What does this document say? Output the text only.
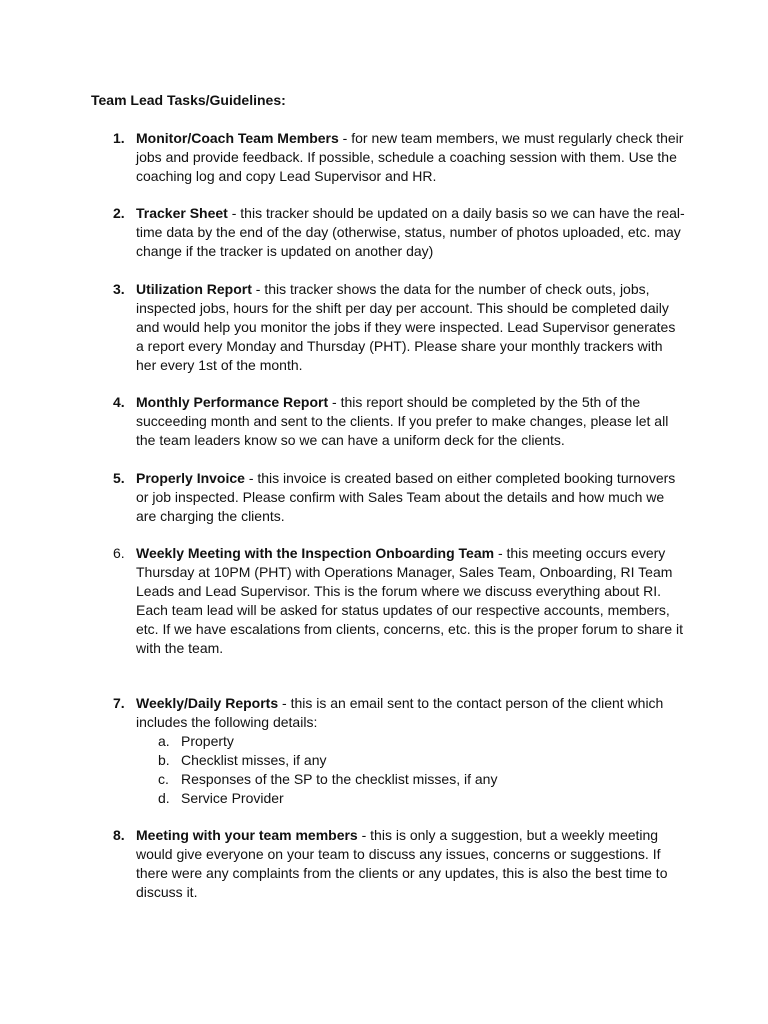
Team Lead Tasks/Guidelines:
1. Monitor/Coach Team Members - for new team members, we must regularly check their
jobs and provide feedback. If possible, schedule a coaching session with them. Use the
coaching log and copy Lead Supervisor and HR.
2. Tracker Sheet - this tracker should be updated on a daily basis so we can have the real-
time data by the end of the day (otherwise, status, number of photos uploaded, etc. may
change if the tracker is updated on another day)
3. Utilization Report - this tracker shows the data for the number of check outs, jobs,
inspected jobs, hours for the shift per day per account. This should be completed daily
and would help you monitor the jobs if they were inspected. Lead Supervisor generates
a report every Monday and Thursday (PHT). Please share your monthly trackers with
her every 1st of the month.
4. Monthly Performance Report - this report should be completed by the 5th of the
succeeding month and sent to the clients. If you prefer to make changes, please let all
the team leaders know so we can have a uniform deck for the clients.
5. Properly Invoice - this invoice is created based on either completed booking turnovers
or job inspected. Please confirm with Sales Team about the details and how much we
are charging the clients.
6. Weekly Meeting with the Inspection Onboarding Team - this meeting occurs every
Thursday at 10PM (PHT) with Operations Manager, Sales Team, Onboarding, RI Team
Leads and Lead Supervisor. This is the forum where we discuss everything about RI.
Each team lead will be asked for status updates of our respective accounts, members,
etc. If we have escalations from clients, concerns, etc. this is the proper forum to share it
with the team.
7. Weekly/Daily Reports - this is an email sent to the contact person of the client which
includes the following details:
a. Property
b. Checklist misses, if any
c. Responses of the SP to the checklist misses, if any
d. Service Provider
8. Meeting with your team members - this is only a suggestion, but a weekly meeting
would give everyone on your team to discuss any issues, concerns or suggestions. If
there were any complaints from the clients or any updates, this is also the best time to
discuss it.
